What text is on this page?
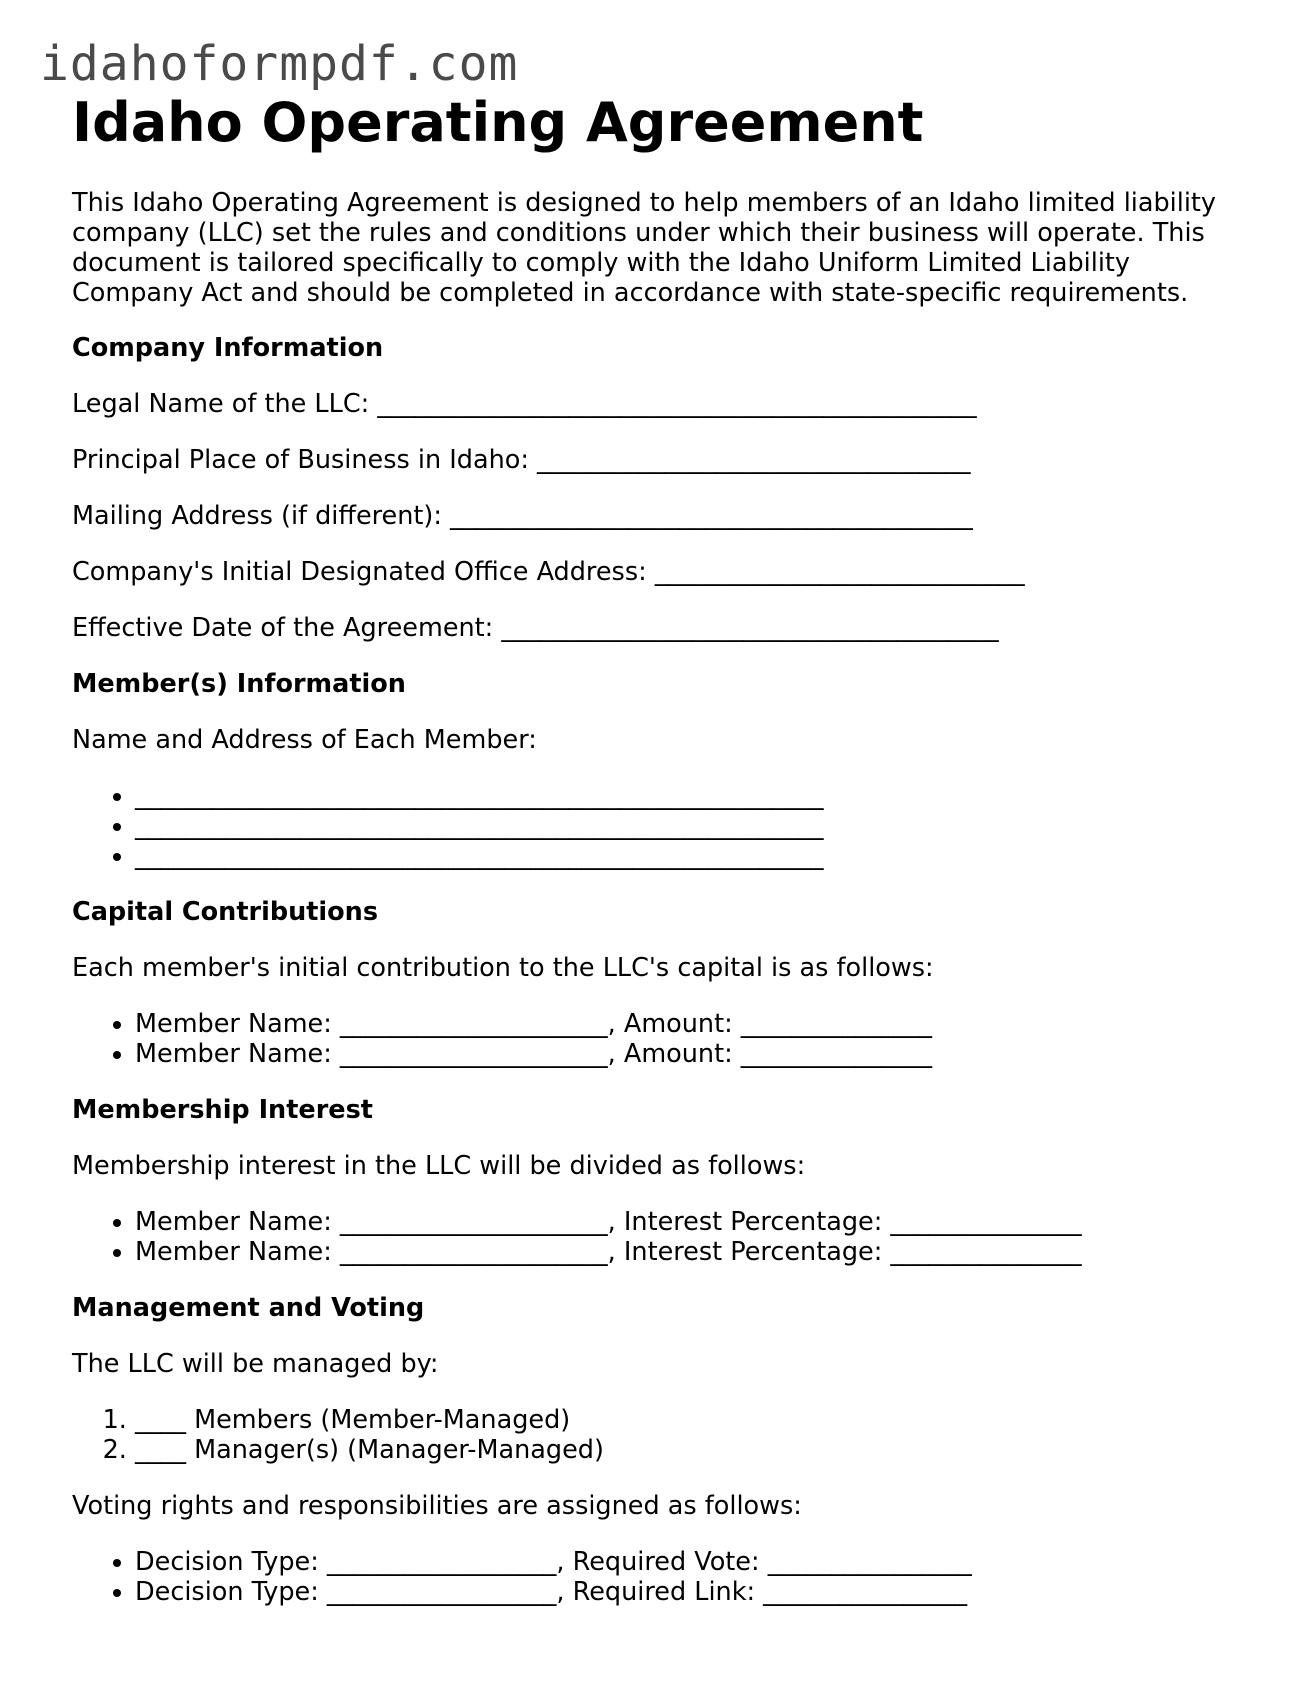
idahoformpdf.com
Idaho Operating Agreement

This Idaho Operating Agreement is designed to help members of an Idaho limited liability company (LLC) set the rules and conditions under which their business will operate. This document is tailored specifically to comply with the Idaho Uniform Limited Liability Company Act and should be completed in accordance with state-specific requirements.

Company Information

Legal Name of the LLC: _______________________________________________

Principal Place of Business in Idaho: __________________________________

Mailing Address (if different): _________________________________________

Company's Initial Designated Office Address: _____________________________

Effective Date of the Agreement: _______________________________________

Member(s) Information

Name and Address of Each Member:

• ______________________________________________________
• ______________________________________________________
• ______________________________________________________
Capital Contributions

Each member's initial contribution to the LLC's capital is as follows:

• Member Name: _____________________, Amount: _______________
• Member Name: _____________________, Amount: _______________
Membership Interest

Membership interest in the LLC will be divided as follows:

• Member Name: _____________________, Interest Percentage: _______________
• Member Name: _____________________, Interest Percentage: _______________
Management and Voting

The LLC will be managed by:

1. ____ Members (Member-Managed)
2. ____ Manager(s) (Manager-Managed)

Voting rights and responsibilities are assigned as follows:

• Decision Type: __________________, Required Vote: ________________
• Decision Type: __________________, Required Link: ________________
